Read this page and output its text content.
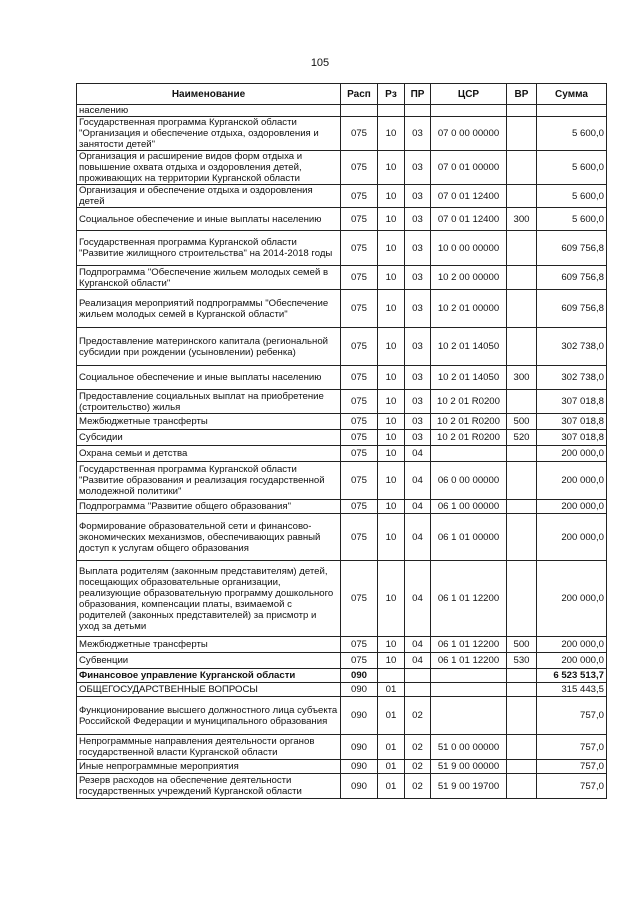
105
Наименование	Расп	Рз	ПР	ЦСР	ВР	Сумма
населению						
Государственная программа Курганской области "Организация и обеспечение отдыха, оздоровления и занятости детей"	075	10	03	07 0 00 00000		5 600,0
Организация и расширение видов форм отдыха и повышение охвата отдыха и оздоровления детей, проживающих на территории Курганской области	075	10	03	07 0 01 00000		5 600,0
Организация и обеспечение отдыха и оздоровления детей	075	10	03	07 0 01 12400		5 600,0
Социальное обеспечение и иные выплаты населению	075	10	03	07 0 01 12400	300	5 600,0
Государственная программа Курганской области "Развитие жилищного строительства" на 2014-2018 годы	075	10	03	10 0 00 00000		609 756,8
Подпрограмма "Обеспечение жильем молодых семей в Курганской области"	075	10	03	10 2 00 00000		609 756,8
Реализация мероприятий подпрограммы "Обеспечение жильем молодых семей в Курганской области"	075	10	03	10 2 01 00000		609 756,8
Предоставление материнского капитала (региональной субсидии при рождении (усыновлении) ребенка)	075	10	03	10 2 01 14050		302 738,0
Социальное обеспечение и иные выплаты населению	075	10	03	10 2 01 14050	300	302 738,0
Предоставление социальных выплат на приобретение (строительство) жилья	075	10	03	10 2 01 R0200		307 018,8
Межбюджетные трансферты	075	10	03	10 2 01 R0200	500	307 018,8
Субсидии	075	10	03	10 2 01 R0200	520	307 018,8
Охрана семьи и детства	075	10	04			200 000,0
Государственная программа Курганской области "Развитие образования и реализация государственной молодежной политики"	075	10	04	06 0 00 00000		200 000,0
Подпрограмма "Развитие общего образования"	075	10	04	06 1 00 00000		200 000,0
Формирование образовательной сети и финансово-экономических механизмов, обеспечивающих равный доступ к услугам общего образования	075	10	04	06 1 01 00000		200 000,0
Выплата родителям (законным представителям) детей, посещающих образовательные организации, реализующие образовательную программу дошкольного образования, компенсации платы, взимаемой с родителей (законных представителей) за присмотр и уход за детьми	075	10	04	06 1 01 12200		200 000,0
Межбюджетные трансферты	075	10	04	06 1 01 12200	500	200 000,0
Субвенции	075	10	04	06 1 01 12200	530	200 000,0
Финансовое управление Курганской области	090					6 523 513,7
ОБЩЕГОСУДАРСТВЕННЫЕ ВОПРОСЫ	090	01				315 443,5
Функционирование высшего должностного лица субъекта Российской Федерации и муниципального образования	090	01	02			757,0
Непрограммные направления деятельности органов государственной власти Курганской области	090	01	02	51 0 00 00000		757,0
Иные непрограммные мероприятия	090	01	02	51 9 00 00000		757,0
Резерв расходов на обеспечение деятельности государственных учреждений Курганской области	090	01	02	51 9 00 19700		757,0
